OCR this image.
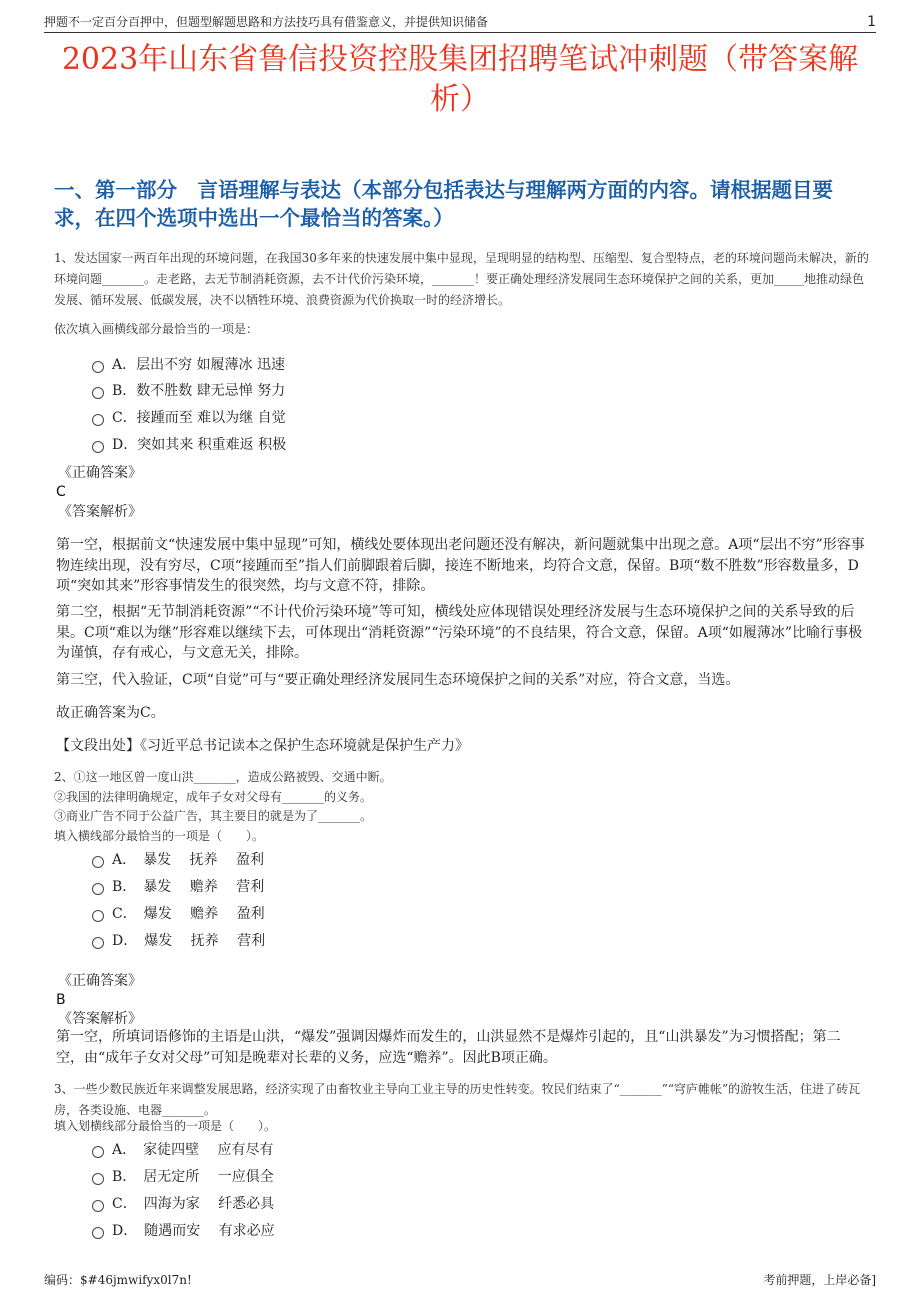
押题不一定百分百押中，但题型解题思路和方法技巧具有借鉴意义，并提供知识储备	1
2023年山东省鲁信投资控股集团招聘笔试冲刺题（带答案解析）
一、第一部分　言语理解与表达（本部分包括表达与理解两方面的内容。请根据题目要求，在四个选项中选出一个最恰当的答案。）

1、发达国家一两百年出现的环境问题，在我国30多年来的快速发展中集中显现，呈现明显的结构型、压缩型、复合型特点，老的环境问题尚未解决，新的环境问题_______。走老路，去无节制消耗资源，去不计代价污染环境，_______！要正确处理经济发展同生态环境保护之间的关系，更加_____地推动绿色发展、循环发展、低碳发展，决不以牺牲环境、浪费资源为代价换取一时的经济增长。

依次填入画横线部分最恰当的一项是：

A．层出不穷 如履薄冰 迅速
B．数不胜数 肆无忌惮 努力
C．接踵而至 难以为继 自觉
D．突如其来 积重难返 积极

《正确答案》

C

《答案解析》

第一空，根据前文“快速发展中集中显现”可知，横线处要体现出老问题还没有解决，新问题就集中出现之意。A项“层出不穷”形容事物连续出现，没有穷尽，C项“接踵而至”指人们前脚跟着后脚，接连不断地来，均符合文意，保留。B项“数不胜数”形容数量多，D项“突如其来”形容事情发生的很突然，均与文意不符，排除。

第二空，根据“无节制消耗资源”“不计代价污染环境”等可知，横线处应体现错误处理经济发展与生态环境保护之间的关系导致的后果。C项“难以为继”形容难以继续下去，可体现出“消耗资源”“污染环境”的不良结果，符合文意，保留。A项“如履薄冰”比喻行事极为谨慎，存有戒心，与文意无关，排除。

第三空，代入验证，C项“自觉”可与“要正确处理经济发展同生态环境保护之间的关系”对应，符合文意，当选。

故正确答案为C。

【文段出处】《习近平总书记读本之保护生态环境就是保护生产力》

2、①这一地区曾一度山洪_______，造成公路被毁、交通中断。

②我国的法律明确规定，成年子女对父母有_______的义务。

③商业广告不同于公益广告，其主要目的就是为了_______。

填入横线部分最恰当的一项是（　　）。

A．　暴发　 抚养　 盈利
B．　暴发　 赡养　 营利
C．　爆发　 赡养　 盈利
D．　爆发　 抚养　 营利

《正确答案》

B

《答案解析》

第一空，所填词语修饰的主语是山洪，“爆发”强调因爆炸而发生的，山洪显然不是爆炸引起的，且“山洪暴发”为习惯搭配；第二空，由“成年子女对父母”可知是晚辈对长辈的义务，应选“赡养”。因此B项正确。

3、一些少数民族近年来调整发展思路，经济实现了由畜牧业主导向工业主导的历史性转变。牧民们结束了“_______”“穹庐帷帐”的游牧生活，住进了砖瓦房，各类设施、电器_______。

填入划横线部分最恰当的一项是（　　）。

A．　家徒四壁　 应有尽有
B．　居无定所　 一应俱全
C．　四海为家　 纤悉必具
D．　随遇而安　 有求必应
编码：$#46jmwifyx0l7n!	考前押题，上岸必备]
